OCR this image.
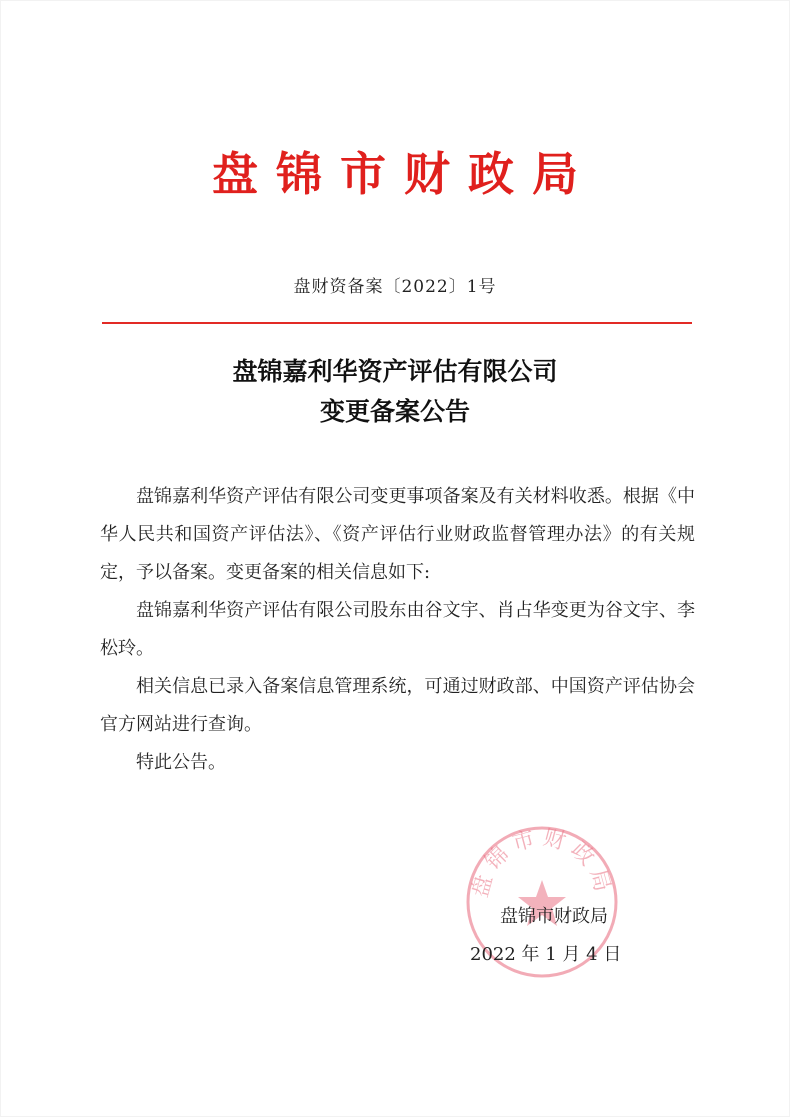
盘锦市财政局
盘财资备案〔2022〕1号
盘锦嘉利华资产评估有限公司
变更备案公告

盘锦嘉利华资产评估有限公司变更事项备案及有关材料收悉。根据《中华人民共和国资产评估法》、《资产评估行业财政监督管理办法》的有关规定，予以备案。变更备案的相关信息如下:

盘锦嘉利华资产评估有限公司股东由谷文宇、肖占华变更为谷文宇、李松玲。

相关信息已录入备案信息管理系统，可通过财政部、中国资产评估协会官方网站进行查询。

特此公告。

盘锦市财政局
盘锦市财政局
2022 年 1 月 4 日
